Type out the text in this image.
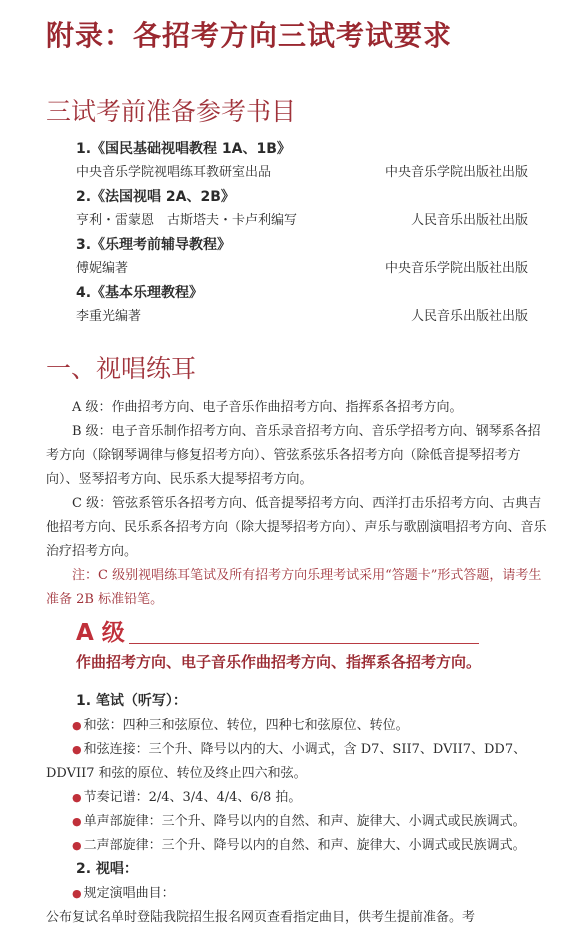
附录：各招考方向三试考试要求
三试考前准备参考书目
1.《国民基础视唱教程 1A、1B》
中央音乐学院视唱练耳教研室出品	中央音乐学院出版社出版
2.《法国视唱 2A、2B》
亨利・雷蒙恩　古斯塔夫・卡卢利编写	人民音乐出版社出版
3.《乐理考前辅导教程》
傅妮编著	中央音乐学院出版社出版
4.《基本乐理教程》
李重光编著	人民音乐出版社出版
一、视唱练耳

A 级：作曲招考方向、电子音乐作曲招考方向、指挥系各招考方向。

B 级：电子音乐制作招考方向、音乐录音招考方向、音乐学招考方向、钢琴系各招考方向（除钢琴调律与修复招考方向）、管弦系弦乐各招考方向（除低音提琴招考方向）、竖琴招考方向、民乐系大提琴招考方向。

C 级：管弦系管乐各招考方向、低音提琴招考方向、西洋打击乐招考方向、古典吉他招考方向、民乐系各招考方向（除大提琴招考方向）、声乐与歌剧演唱招考方向、音乐治疗招考方向。

注：C 级别视唱练耳笔试及所有招考方向乐理考试采用“答题卡”形式答题，请考生准备 2B 标准铅笔。

A 级
作曲招考方向、电子音乐作曲招考方向、指挥系各招考方向。
1. 笔试（听写）：

● 和弦：四种三和弦原位、转位，四种七和弦原位、转位。

● 和弦连接：三个升、降号以内的大、小调式，含 D7、SII7、DVII7、DD7、DDVII7 和弦的原位、转位及终止四六和弦。

● 节奏记谱：2/4、3/4、4/4、6/8 拍。

● 单声部旋律：三个升、降号以内的自然、和声、旋律大、小调式或民族调式。

● 二声部旋律：三个升、降号以内的自然、和声、旋律大、小调式或民族调式。

2. 视唱：

● 规定演唱曲目：

公布复试名单时登陆我院招生报名网页查看指定曲目，供考生提前准备。考
